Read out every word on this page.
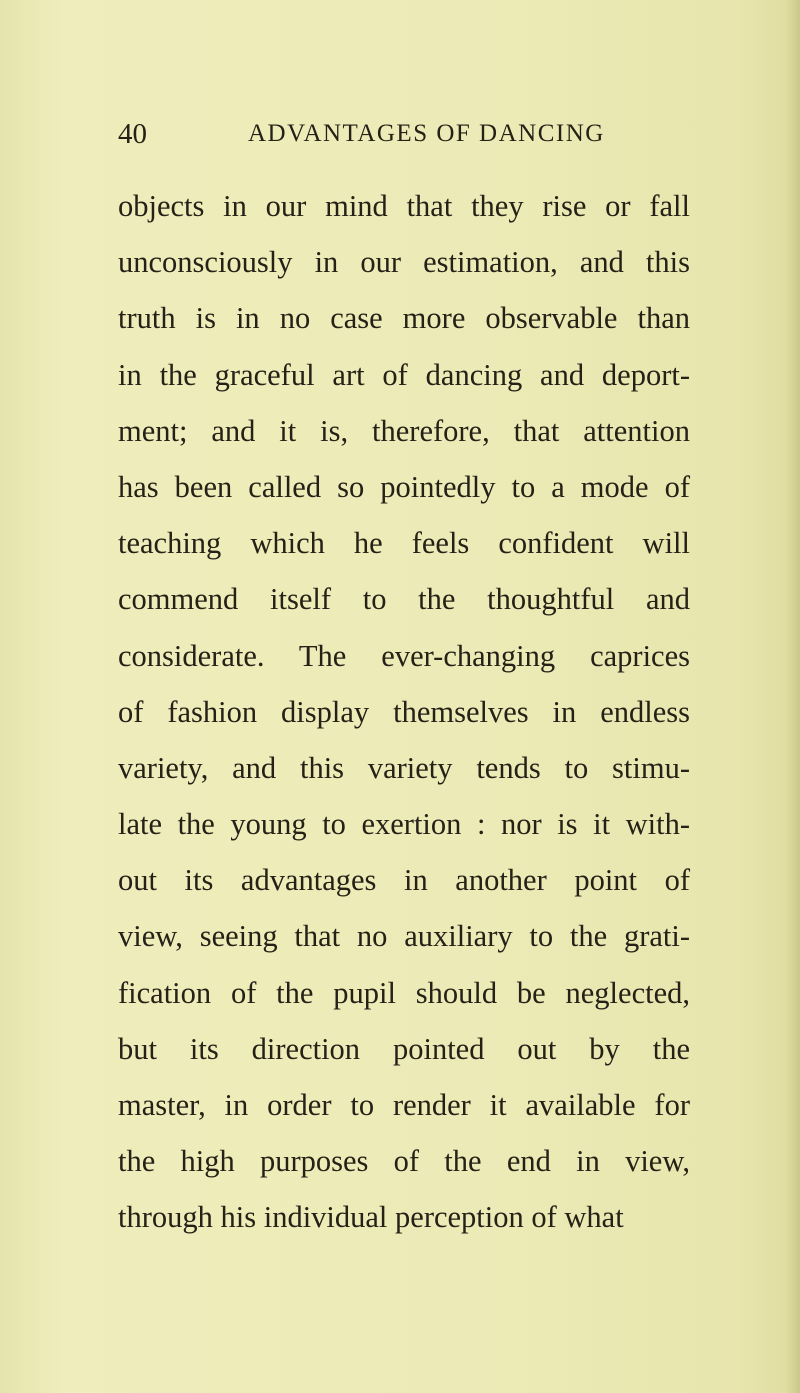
40	ADVANTAGES OF DANCING
objects in our mind that they rise or fall
unconsciously in our estimation, and this
truth is in no case more observable than
in the graceful art of dancing and deport-
ment; and it is, therefore, that attention
has been called so pointedly to a mode of
teaching which he feels confident will
commend itself to the thoughtful and
considerate. The ever-changing caprices
of fashion display themselves in endless
variety, and this variety tends to stimu-
late the young to exertion : nor is it with-
out its advantages in another point of
view, seeing that no auxiliary to the grati-
fication of the pupil should be neglected,
but its direction pointed out by the
master, in order to render it available for
the high purposes of the end in view,
through his individual perception of what
